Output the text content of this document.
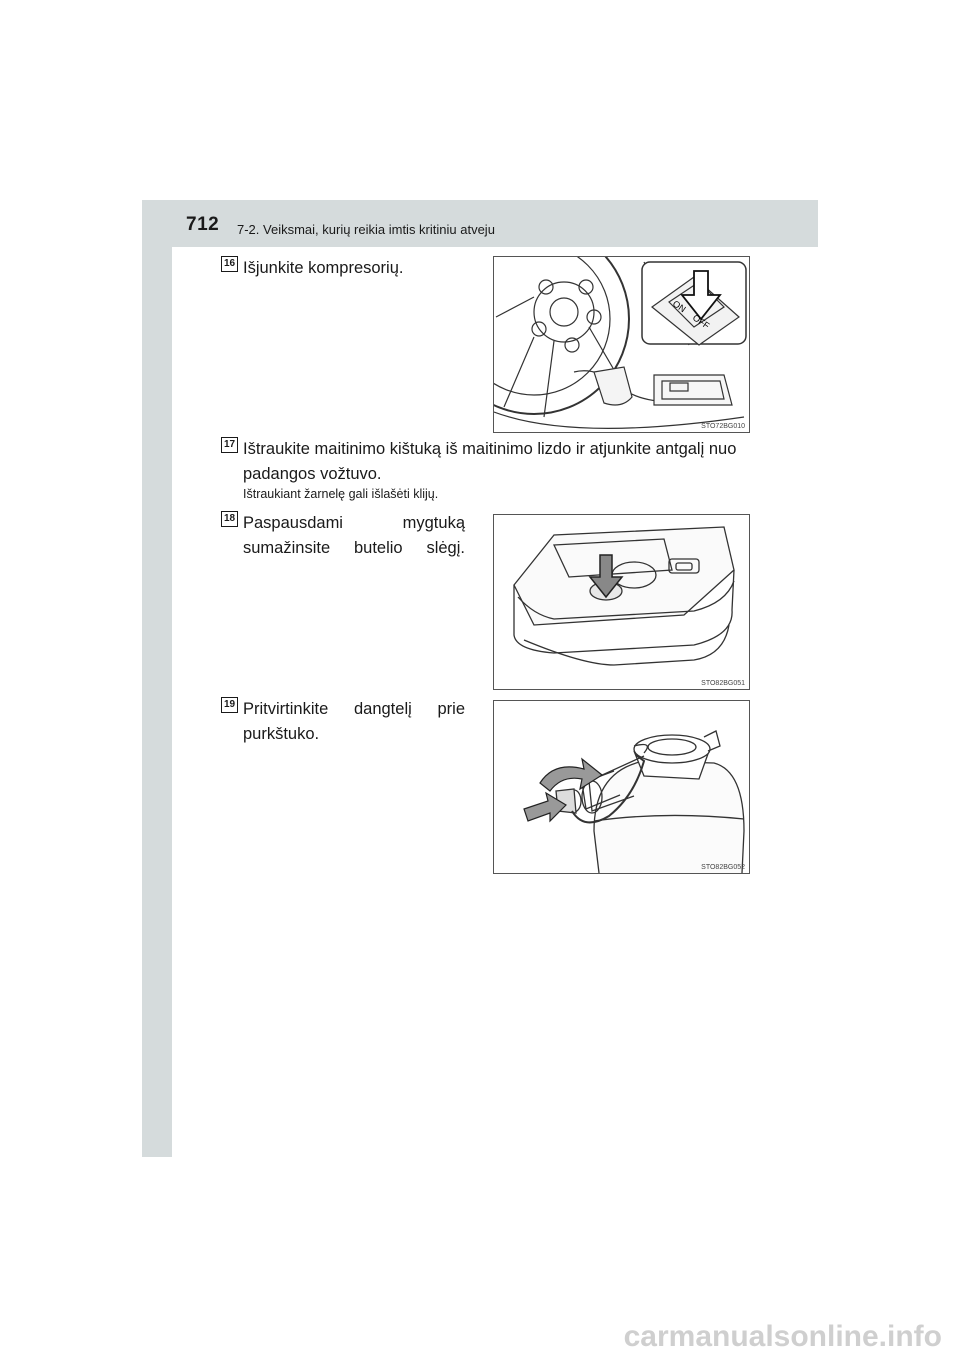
712 7-2. Veiksmai, kurių reikia imtis kritiniu atveju
16 Išjunkite kompresorių.
ON
OFF
STO72BG010
17 Ištraukite maitinimo kištuką iš maitinimo lizdo ir atjunkite antgalį nuo padangos vožtuvo.
Ištraukiant žarnelę gali išlašėti klijų.
18 Paspausdami mygtuką sumažinsite butelio slėgį.
STO82BG051
19 Pritvirtinkite dangtelį prie purkštuko.
STO82BG052
carmanualsonline.info
